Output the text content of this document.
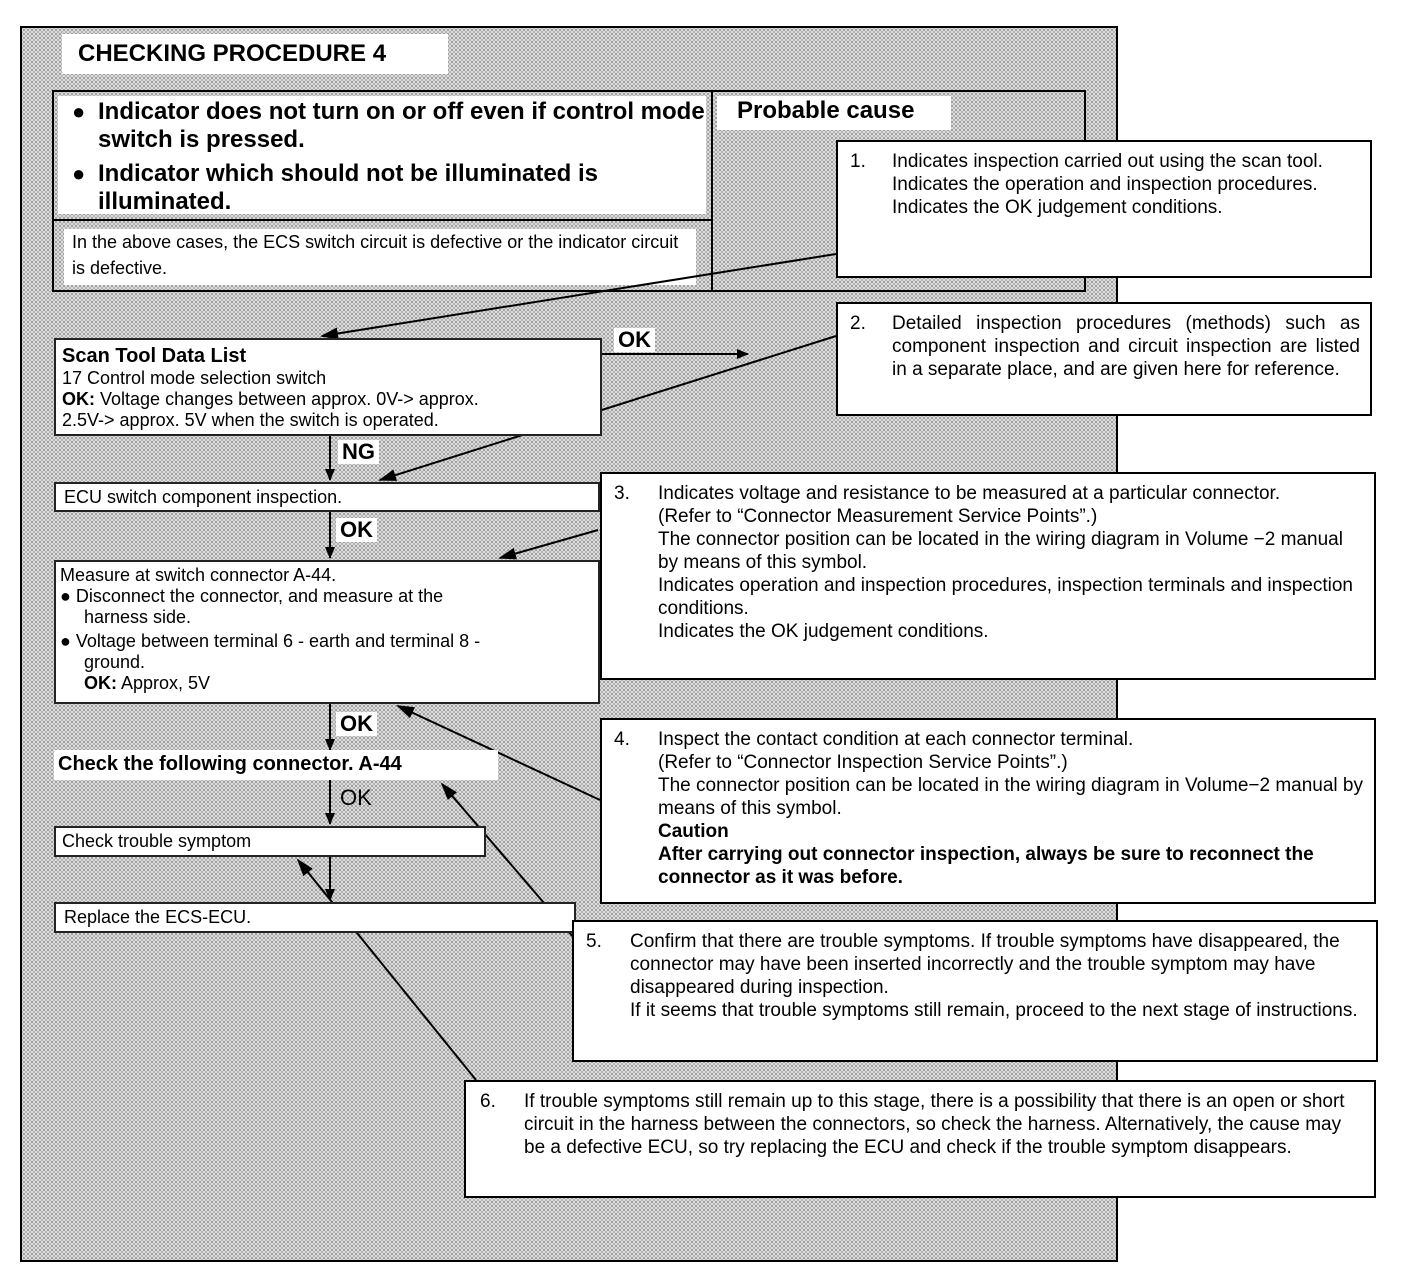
CHECKING PROCEDURE 4
● Indicator does not turn on or off even if control mode switch is pressed.
● Indicator which should not be illuminated is illuminated.
In the above cases, the ECS switch circuit is defective or the indicator circuit is defective.
Probable cause
Scan Tool Data List
17 Control mode selection switch
OK: Voltage changes between approx. 0V-> approx.
2.5V-> approx. 5V when the switch is operated.
OK
NG
ECU switch component inspection.
OK
Measure at switch connector A-44.
● Disconnect the connector, and measure at the
harness side.
● Voltage between terminal 6 - earth and terminal 8 -
ground.
OK: Approx, 5V
OK
Check the following connector. A-44
OK
Check trouble symptom
Replace the ECS-ECU.
1. Indicates inspection carried out using the scan tool.
Indicates the operation and inspection procedures.
Indicates the OK judgement conditions.
2. Detailed inspection procedures (methods) such as component inspection and circuit inspection are listed in a separate place, and are given here for reference.
3. Indicates voltage and resistance to be measured at a particular connector.
(Refer to “Connector Measurement Service Points”.)
The connector position can be located in the wiring diagram in Volume −2 manual by means of this symbol.
Indicates operation and inspection procedures, inspection terminals and inspection conditions.
Indicates the OK judgement conditions.
4. Inspect the contact condition at each connector terminal.
(Refer to “Connector Inspection Service Points”.)
The connector position can be located in the wiring diagram in Volume−2 manual by means of this symbol.
Caution
After carrying out connector inspection, always be sure to reconnect the connector as it was before.
5. Confirm that there are trouble symptoms. If trouble symptoms have disappeared, the connector may have been inserted incorrectly and the trouble symptom may have disappeared during inspection.
If it seems that trouble symptoms still remain, proceed to the next stage of instructions.
6. If trouble symptoms still remain up to this stage, there is a possibility that there is an open or short circuit in the harness between the connectors, so check the harness. Alternatively, the cause may be a defective ECU, so try replacing the ECU and check if the trouble symptom disappears.
